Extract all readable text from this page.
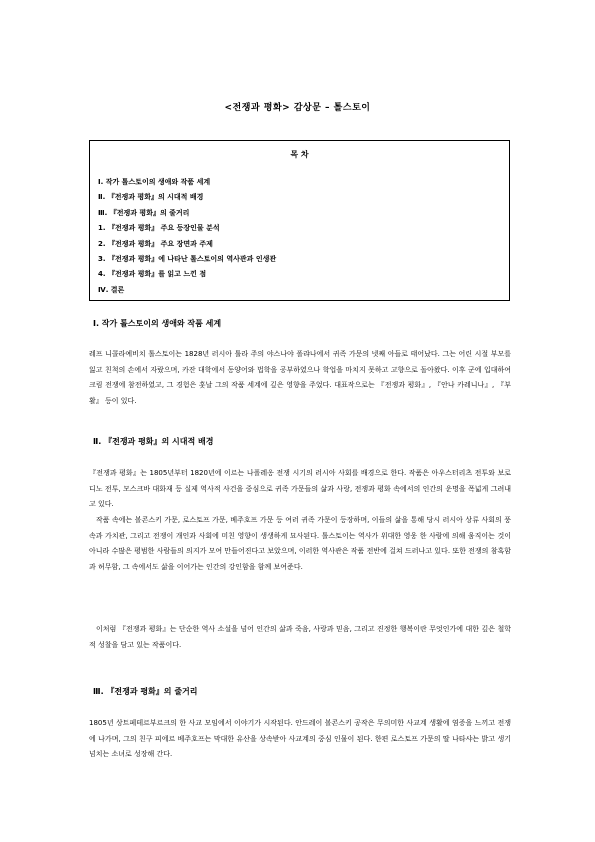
<전쟁과 평화> 감상문 – 톨스토이
목 차
Ⅰ. 작가 톨스토이의 생애와 작품 세계
Ⅱ. 『전쟁과 평화』의 시대적 배경
Ⅲ. 『전쟁과 평화』의 줄거리
1. 『전쟁과 평화』 주요 등장인물 분석
2. 『전쟁과 평화』 주요 장면과 주제
3. 『전쟁과 평화』에 나타난 톨스토이의 역사관과 인생관
4. 『전쟁과 평화』를 읽고 느낀 점
Ⅳ. 결론
Ⅰ. 작가 톨스토이의 생애와 작품 세계

레프 니콜라예비치 톨스토이는 1828년 러시아 툴라 주의 야스나야 폴랴나에서 귀족 가문의 넷째 아들로 태어났다. 그는 어린 시절 부모를 잃고 친척의 손에서 자랐으며, 카잔 대학에서 동양어와 법학을 공부하였으나 학업을 마치지 못하고 고향으로 돌아왔다. 이후 군에 입대하여 크림 전쟁에 참전하였고, 그 경험은 훗날 그의 작품 세계에 깊은 영향을 주었다. 대표작으로는 『전쟁과 평화』, 『안나 카레니나』, 『부활』 등이 있다.

Ⅱ. 『전쟁과 평화』의 시대적 배경

『전쟁과 평화』는 1805년부터 1820년에 이르는 나폴레옹 전쟁 시기의 러시아 사회를 배경으로 한다. 작품은 아우스터리츠 전투와 보로디노 전투, 모스크바 대화재 등 실제 역사적 사건을 중심으로 귀족 가문들의 삶과 사랑, 전쟁과 평화 속에서의 인간의 운명을 폭넓게 그려내고 있다.

작품 속에는 볼콘스키 가문, 로스토프 가문, 베주호프 가문 등 여러 귀족 가문이 등장하며, 이들의 삶을 통해 당시 러시아 상류 사회의 풍속과 가치관, 그리고 전쟁이 개인과 사회에 미친 영향이 생생하게 묘사된다. 톨스토이는 역사가 위대한 영웅 한 사람에 의해 움직이는 것이 아니라 수많은 평범한 사람들의 의지가 모여 만들어진다고 보았으며, 이러한 역사관은 작품 전반에 걸쳐 드러나고 있다. 또한 전쟁의 참혹함과 허무함, 그 속에서도 삶을 이어가는 인간의 강인함을 함께 보여준다.

이처럼 『전쟁과 평화』는 단순한 역사 소설을 넘어 인간의 삶과 죽음, 사랑과 믿음, 그리고 진정한 행복이란 무엇인가에 대한 깊은 철학적 성찰을 담고 있는 작품이다.

Ⅲ. 『전쟁과 평화』의 줄거리

1805년 상트페테르부르크의 한 사교 모임에서 이야기가 시작된다. 안드레이 볼콘스키 공작은 무의미한 사교계 생활에 염증을 느끼고 전쟁에 나가며, 그의 친구 피에르 베주호프는 막대한 유산을 상속받아 사교계의 중심 인물이 된다. 한편 로스토프 가문의 딸 나타샤는 밝고 생기 넘치는 소녀로 성장해 간다.
